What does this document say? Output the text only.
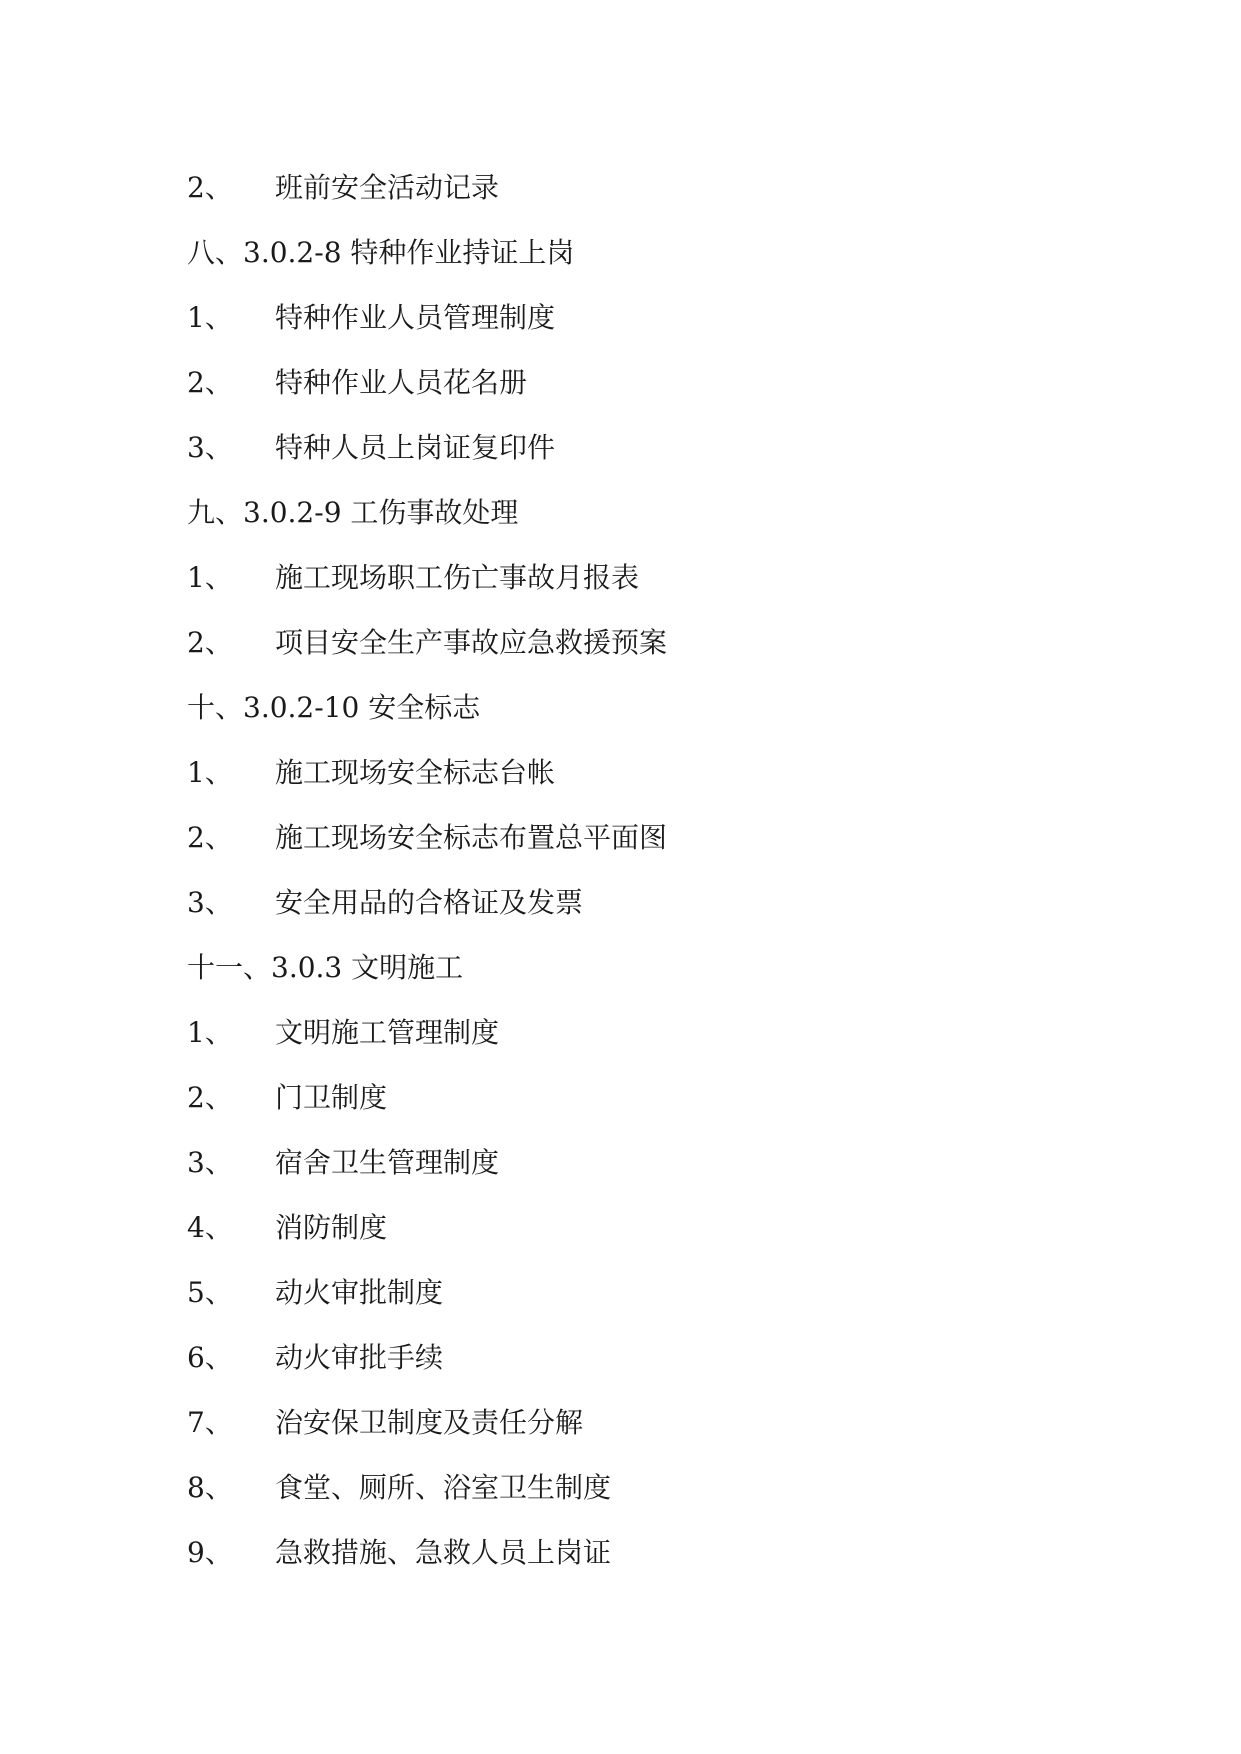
2、 班前安全活动记录
八、3.0.2-8 特种作业持证上岗
1、 特种作业人员管理制度
2、 特种作业人员花名册
3、 特种人员上岗证复印件
九、3.0.2-9 工伤事故处理
1、 施工现场职工伤亡事故月报表
2、 项目安全生产事故应急救援预案
十、3.0.2-10 安全标志
1、 施工现场安全标志台帐
2、 施工现场安全标志布置总平面图
3、 安全用品的合格证及发票
十一、3.0.3 文明施工
1、 文明施工管理制度
2、 门卫制度
3、 宿舍卫生管理制度
4、 消防制度
5、 动火审批制度
6、 动火审批手续
7、 治安保卫制度及责任分解
8、 食堂、厕所、浴室卫生制度
9、 急救措施、急救人员上岗证
